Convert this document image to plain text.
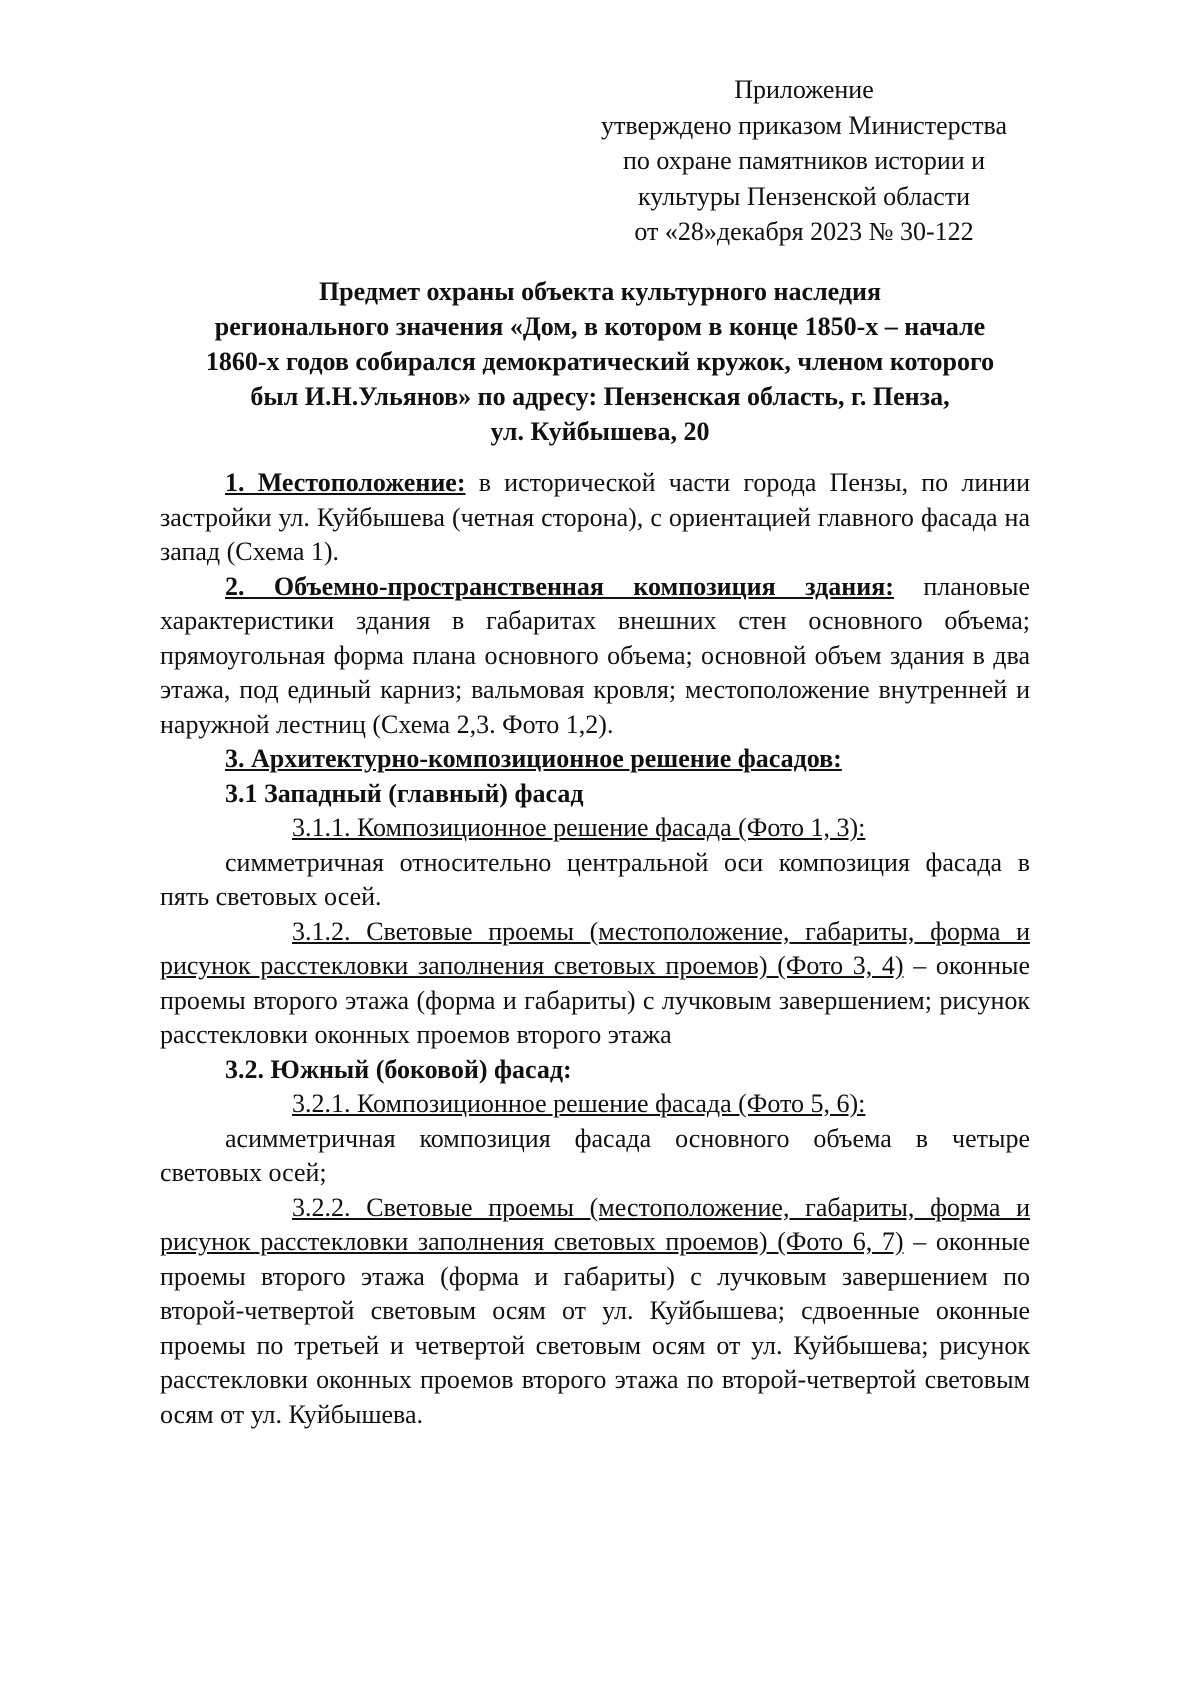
Приложение
утверждено приказом Министерства
по охране памятников истории и
культуры Пензенской области
от «28»декабря 2023 № 30-122
Предмет охраны объекта культурного наследия
регионального значения «Дом, в котором в конце 1850-х – начале
1860-х годов собирался демократический кружок, членом которого
был И.Н.Ульянов» по адресу: Пензенская область, г. Пенза,
ул. Куйбышева, 20
1. Местоположение: в исторической части города Пензы, по линии застройки ул. Куйбышева (четная сторона), с ориентацией главного фасада на запад (Схема 1).
2. Объемно-пространственная композиция здания: плановые характеристики здания в габаритах внешних стен основного объема; прямоугольная форма плана основного объема; основной объем здания в два этажа, под единый карниз; вальмовая кровля; местоположение внутренней и наружной лестниц (Схема 2,3. Фото 1,2).
3. Архитектурно-композиционное решение фасадов:
3.1 Западный (главный) фасад
3.1.1. Композиционное решение фасада (Фото 1, 3):
симметричная относительно центральной оси композиция фасада в пять световых осей.
3.1.2. Световые проемы (местоположение, габариты, форма и рисунок расстекловки заполнения световых проемов) (Фото 3, 4) – оконные проемы второго этажа (форма и габариты) с лучковым завершением; рисунок расстекловки оконных проемов второго этажа
3.2. Южный (боковой) фасад:
3.2.1. Композиционное решение фасада (Фото 5, 6):
асимметричная композиция фасада основного объема в четыре световых осей;
3.2.2. Световые проемы (местоположение, габариты, форма и рисунок расстекловки заполнения световых проемов) (Фото 6, 7) – оконные проемы второго этажа (форма и габариты) с лучковым завершением по второй-четвертой световым осям от ул. Куйбышева; сдвоенные оконные проемы по третьей и четвертой световым осям от ул. Куйбышева; рисунок расстекловки оконных проемов второго этажа по второй-четвертой световым осям от ул. Куйбышева.
